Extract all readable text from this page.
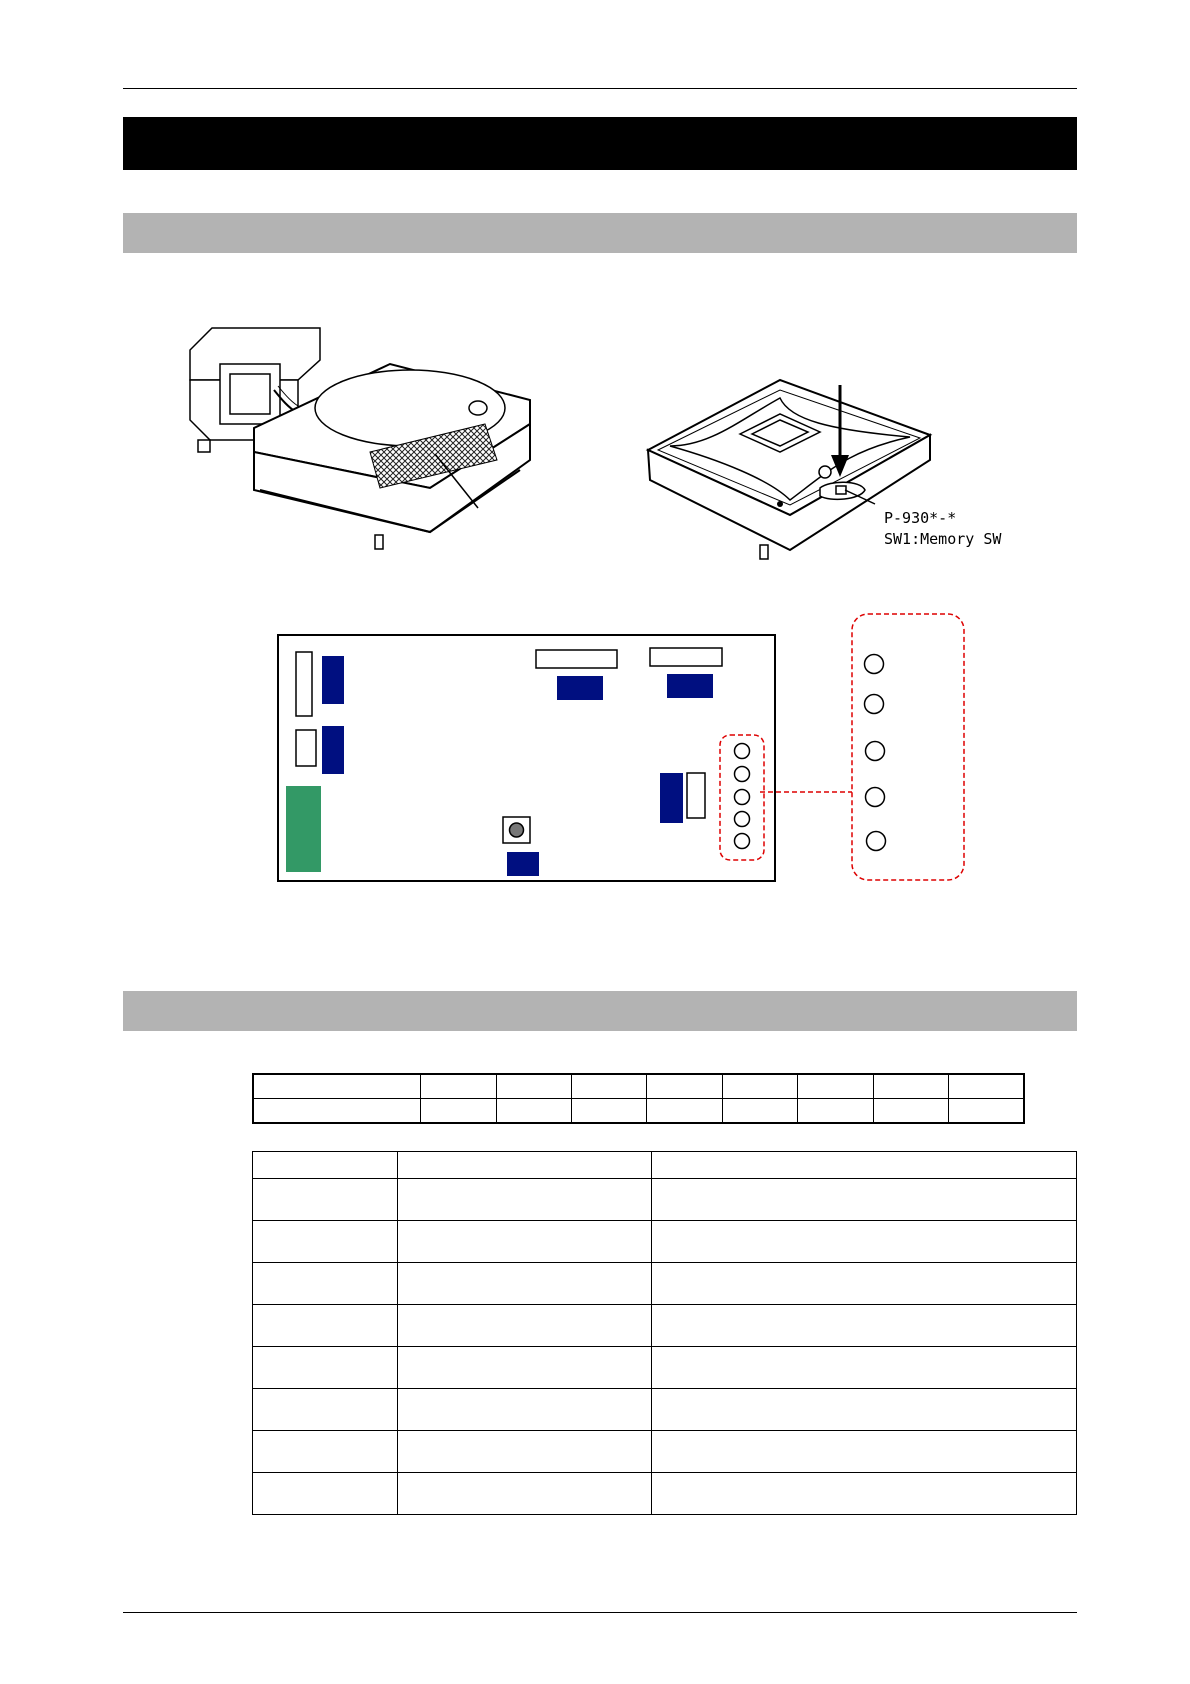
P-930*-*
SW1:Memory SW
